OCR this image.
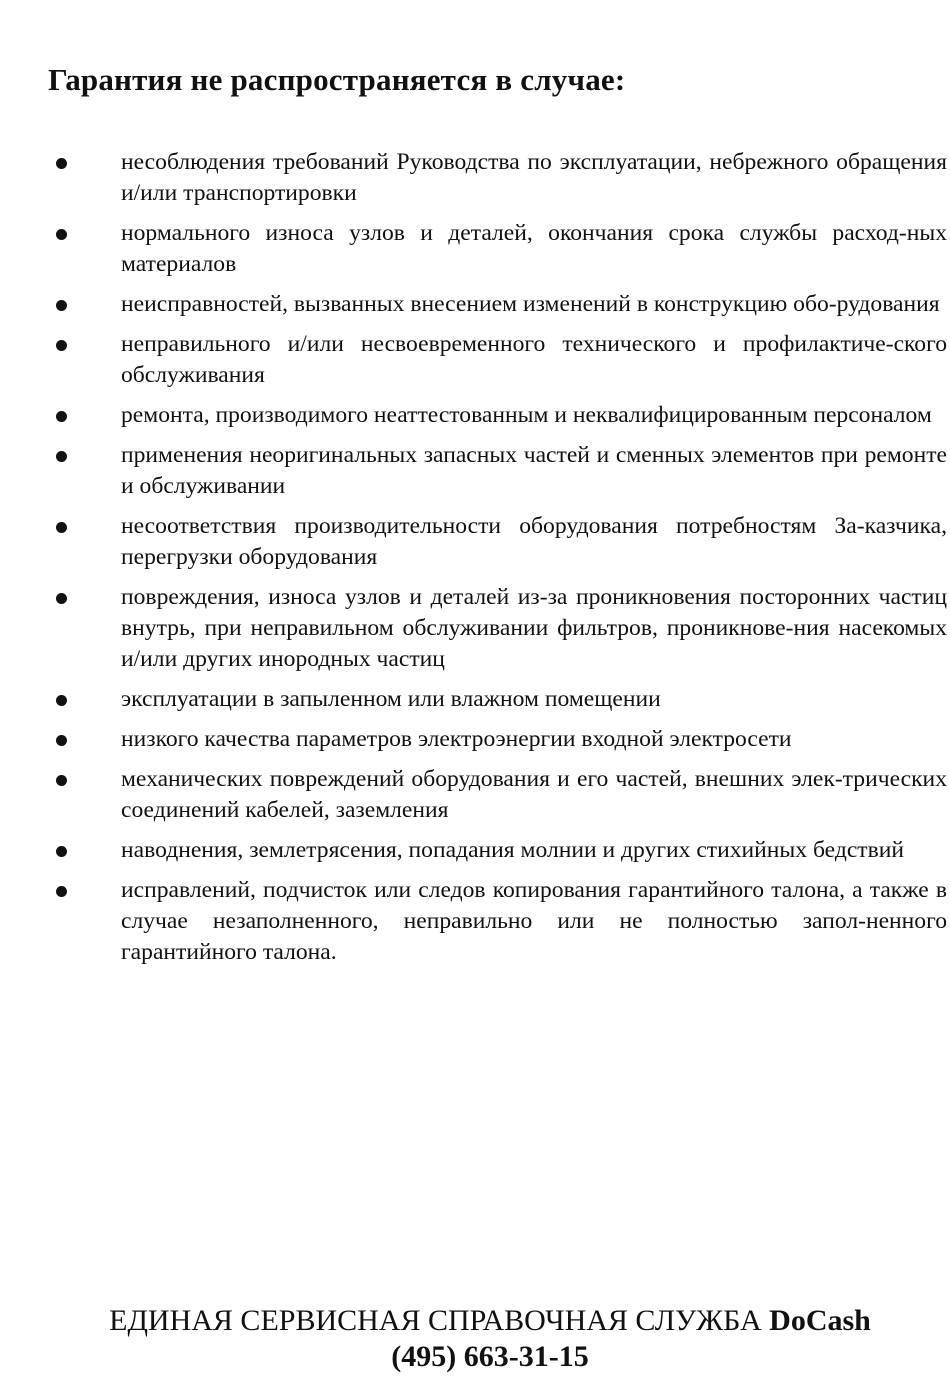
Гарантия не распространяется в случае:
несоблюдения требований Руководства по эксплуатации, небрежного обращения и/или транспортировки
нормального износа узлов и деталей, окончания срока службы расход-ных материалов
неисправностей, вызванных внесением изменений в конструкцию обо-рудования
неправильного и/или несвоевременного технического и профилактиче-ского обслуживания
ремонта, производимого неаттестованным и неквалифицированным персоналом
применения неоригинальных запасных частей и сменных элементов при ремонте и обслуживании
несоответствия производительности оборудования потребностям За-казчика, перегрузки оборудования
повреждения, износа узлов и деталей из-за проникновения посторонних частиц внутрь, при неправильном обслуживании фильтров, проникнове-ния насекомых и/или других инородных частиц
эксплуатации в запыленном или влажном помещении
низкого качества параметров электроэнергии входной электросети
механических повреждений оборудования и его частей, внешних элек-трических соединений кабелей, заземления
наводнения, землетрясения, попадания молнии и других стихийных бедствий
исправлений, подчисток или следов копирования гарантийного талона, а также в случае незаполненного, неправильно или не полностью запол-ненного гарантийного талона.
ЕДИНАЯ СЕРВИСНАЯ СПРАВОЧНАЯ СЛУЖБА DoCash
(495) 663-31-15
